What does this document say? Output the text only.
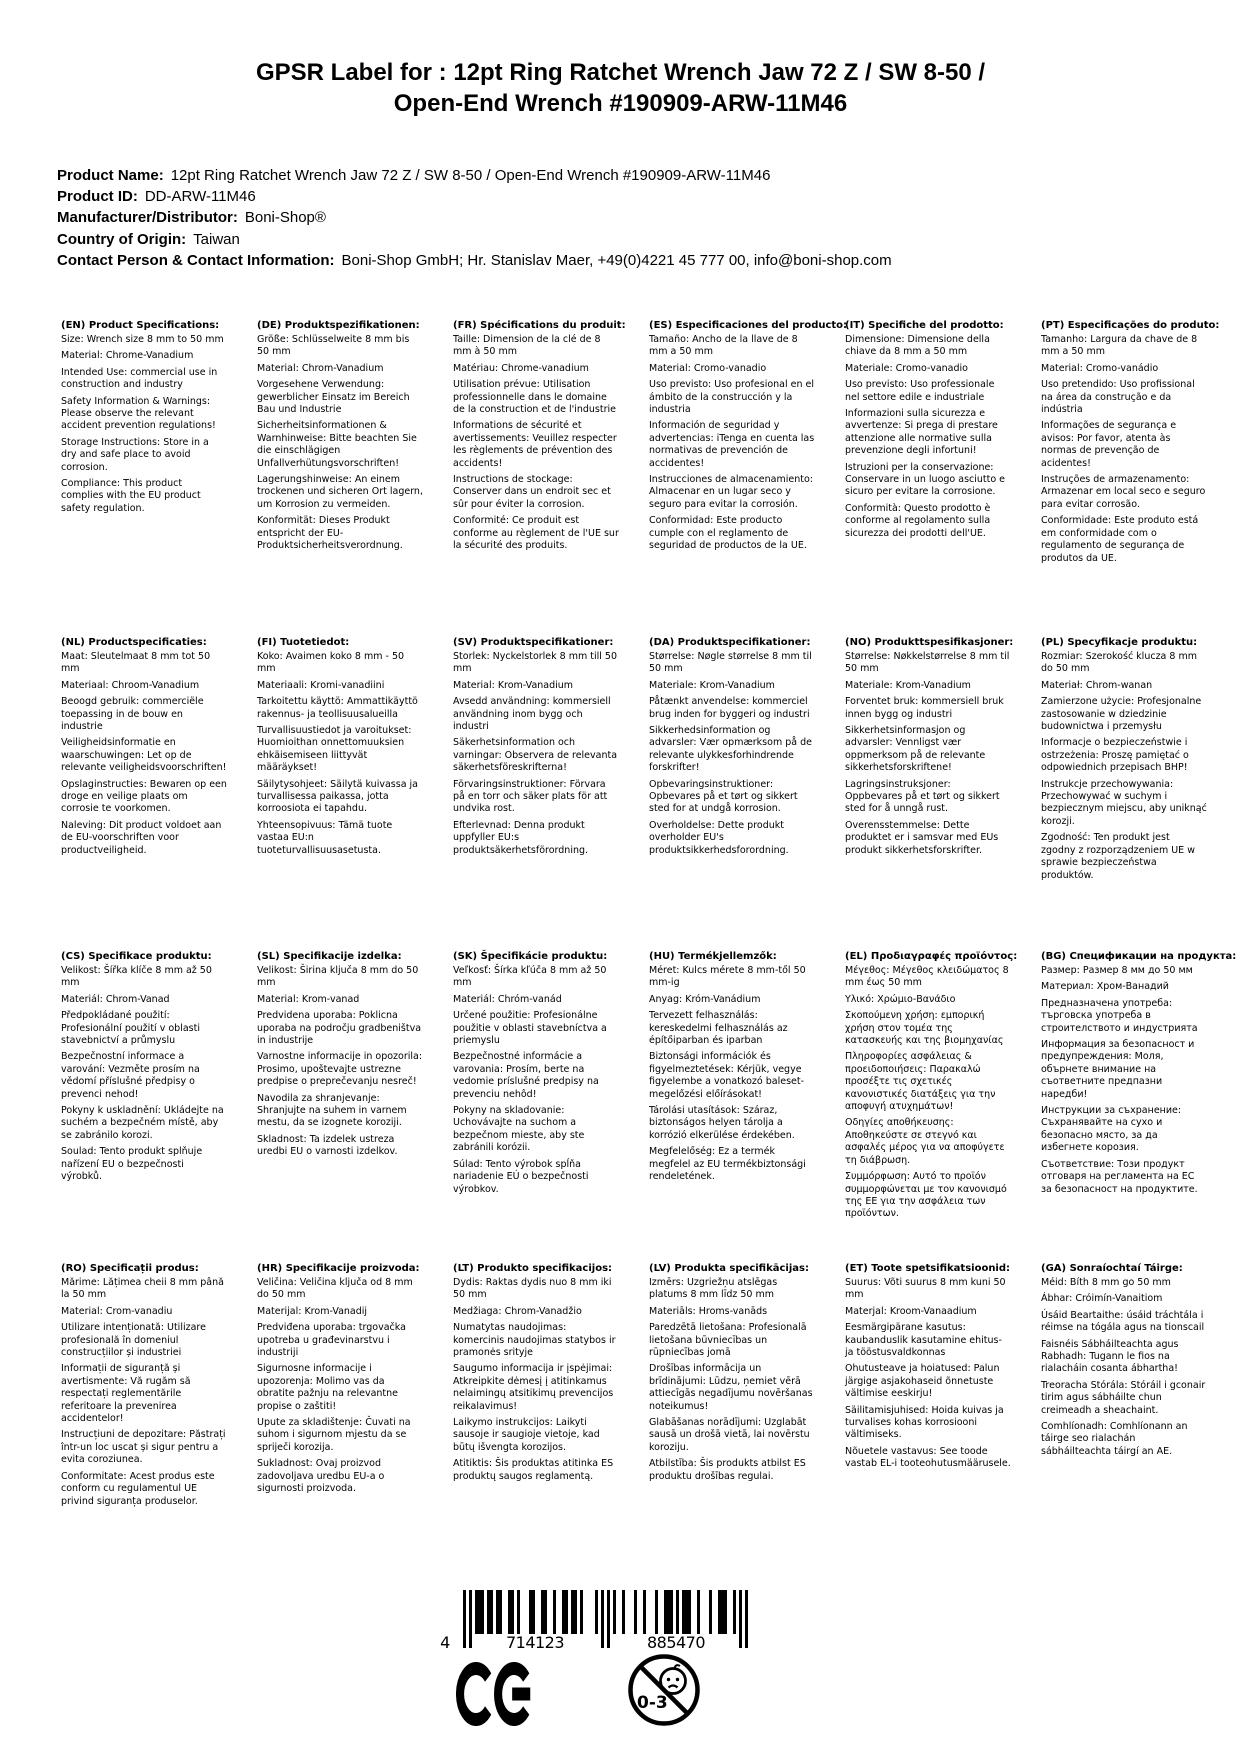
GPSR Label for : 12pt Ring Ratchet Wrench Jaw 72 Z / SW 8-50 /
Open-End Wrench #190909-ARW-11M46
Product Name: 12pt Ring Ratchet Wrench Jaw 72 Z / SW 8-50 / Open-End Wrench #190909-ARW-11M46
Product ID: DD-ARW-11M46
Manufacturer/Distributor: Boni-Shop®
Country of Origin: Taiwan
Contact Person & Contact Information: Boni-Shop GmbH; Hr. Stanislav Maer, +49(0)4221 45 777 00, info@boni-shop.com
(EN) Product Specifications:

Size: Wrench size 8 mm to 50 mm

Material: Chrome-Vanadium

Intended Use: commercial use in construction and industry

Safety Information & Warnings: Please observe the relevant accident prevention regulations!

Storage Instructions: Store in a dry and safe place to avoid corrosion.

Compliance: This product complies with the EU product safety regulation.

(DE) Produktspezifikationen:

Größe: Schlüsselweite 8 mm bis 50 mm

Material: Chrom-Vanadium

Vorgesehene Verwendung: gewerblicher Einsatz im Bereich Bau und Industrie

Sicherheitsinformationen & Warnhinweise: Bitte beachten Sie die einschlägigen Unfallverhütungsvorschriften!

Lagerungshinweise: An einem trockenen und sicheren Ort lagern, um Korrosion zu vermeiden.

Konformität: Dieses Produkt entspricht der EU-Produktsicherheitsverordnung.

(FR) Spécifications du produit:

Taille: Dimension de la clé de 8 mm à 50 mm

Matériau: Chrome-vanadium

Utilisation prévue: Utilisation professionnelle dans le domaine de la construction et de l'industrie

Informations de sécurité et avertissements: Veuillez respecter les règlements de prévention des accidents!

Instructions de stockage: Conserver dans un endroit sec et sûr pour éviter la corrosion.

Conformité: Ce produit est conforme au règlement de l'UE sur la sécurité des produits.

(ES) Especificaciones del producto:

Tamaño: Ancho de la llave de 8 mm a 50 mm

Material: Cromo-vanadio

Uso previsto: Uso profesional en el ámbito de la construcción y la industria

Información de seguridad y advertencias: iTenga en cuenta las normativas de prevención de accidentes!

Instrucciones de almacenamiento: Almacenar en un lugar seco y seguro para evitar la corrosión.

Conformidad: Este producto cumple con el reglamento de seguridad de productos de la UE.

(IT) Specifiche del prodotto:

Dimensione: Dimensione della chiave da 8 mm a 50 mm

Materiale: Cromo-vanadio

Uso previsto: Uso professionale nel settore edile e industriale

Informazioni sulla sicurezza e avvertenze: Si prega di prestare attenzione alle normative sulla prevenzione degli infortuni!

Istruzioni per la conservazione: Conservare in un luogo asciutto e sicuro per evitare la corrosione.

Conformità: Questo prodotto è conforme al regolamento sulla sicurezza dei prodotti dell'UE.

(PT) Especificações do produto:

Tamanho: Largura da chave de 8 mm a 50 mm

Material: Cromo-vanádio

Uso pretendido: Uso profissional na área da construção e da indústria

Informações de segurança e avisos: Por favor, atenta às normas de prevenção de acidentes!

Instruções de armazenamento: Armazenar em local seco e seguro para evitar corrosão.

Conformidade: Este produto está em conformidade com o regulamento de segurança de produtos da UE.

(NL) Productspecificaties:

Maat: Sleutelmaat 8 mm tot 50 mm

Materiaal: Chroom-Vanadium

Beoogd gebruik: commerciële toepassing in de bouw en industrie

Veiligheidsinformatie en waarschuwingen: Let op de relevante veiligheidsvoorschriften!

Opslaginstructies: Bewaren op een droge en veilige plaats om corrosie te voorkomen.

Naleving: Dit product voldoet aan de EU-voorschriften voor productveiligheid.

(FI) Tuotetiedot:

Koko: Avaimen koko 8 mm - 50 mm

Materiaali: Kromi-vanadiini

Tarkoitettu käyttö: Ammattikäyttö rakennus- ja teollisuusalueilla

Turvallisuustiedot ja varoitukset: Huomioithan onnettomuuksien ehkäisemiseen liittyvät määräykset!

Säilytysohjeet: Säilytä kuivassa ja turvallisessa paikassa, jotta korroosiota ei tapahdu.

Yhteensopivuus: Tämä tuote vastaa EU:n tuoteturvallisuusasetusta.

(SV) Produktspecifikationer:

Storlek: Nyckelstorlek 8 mm till 50 mm

Material: Krom-Vanadium

Avsedd användning: kommersiell användning inom bygg och industri

Säkerhetsinformation och varningar: Observera de relevanta säkerhetsföreskrifterna!

Förvaringsinstruktioner: Förvara på en torr och säker plats för att undvika rost.

Efterlevnad: Denna produkt uppfyller EU:s produktsäkerhetsförordning.

(DA) Produktspecifikationer:

Størrelse: Nøgle størrelse 8 mm til 50 mm

Materiale: Krom-Vanadium

Påtænkt anvendelse: kommerciel brug inden for byggeri og industri

Sikkerhedsinformation og advarsler: Vær opmærksom på de relevante ulykkesforhindrende forskrifter!

Opbevaringsinstruktioner: Opbevares på et tørt og sikkert sted for at undgå korrosion.

Overholdelse: Dette produkt overholder EU's produktsikkerhedsforordning.

(NO) Produkttspesifikasjoner:

Størrelse: Nøkkelstørrelse 8 mm til 50 mm

Materiale: Krom-Vanadium

Forventet bruk: kommersiell bruk innen bygg og industri

Sikkerhetsinformasjon og advarsler: Vennligst vær oppmerksom på de relevante sikkerhetsforskriftene!

Lagringsinstruksjoner: Oppbevares på et tørt og sikkert sted for å unngå rust.

Overensstemmelse: Dette produktet er i samsvar med EUs produkt sikkerhetsforskrifter.

(PL) Specyfikacje produktu:

Rozmiar: Szerokość klucza 8 mm do 50 mm

Materiał: Chrom-wanan

Zamierzone użycie: Profesjonalne zastosowanie w dziedzinie budownictwa i przemysłu

Informacje o bezpieczeństwie i ostrzeżenia: Proszę pamiętać o odpowiednich przepisach BHP!

Instrukcje przechowywania: Przechowywać w suchym i bezpiecznym miejscu, aby uniknąć korozji.

Zgodność: Ten produkt jest zgodny z rozporządzeniem UE w sprawie bezpieczeństwa produktów.

(CS) Specifikace produktu:

Velikost: Šířka klíče 8 mm až 50 mm

Materiál: Chrom-Vanad

Předpokládané použití: Profesionální použití v oblasti stavebnictví a průmyslu

Bezpečnostní informace a varování: Vezměte prosím na vědomí příslušné předpisy o prevenci nehod!

Pokyny k uskladnění: Ukládejte na suchém a bezpečném místě, aby se zabránilo korozi.

Soulad: Tento produkt splňuje nařízení EU o bezpečnosti výrobků.

(SL) Specifikacije izdelka:

Velikost: Širina ključa 8 mm do 50 mm

Material: Krom-vanad

Predvidena uporaba: Poklicna uporaba na področju gradbeništva in industrije

Varnostne informacije in opozorila: Prosimo, upoštevajte ustrezne predpise o preprečevanju nesreč!

Navodila za shranjevanje: Shranjujte na suhem in varnem mestu, da se izognete koroziji.

Skladnost: Ta izdelek ustreza uredbi EU o varnosti izdelkov.

(SK) Špecifikácie produktu:

Veľkosť: Šírka kľúča 8 mm až 50 mm

Materiál: Chróm-vanád

Určené použitie: Profesionálne použitie v oblasti stavebníctva a priemyslu

Bezpečnostné informácie a varovania: Prosím, berte na vedomie príslušné predpisy na prevenciu nehôd!

Pokyny na skladovanie: Uchovávajte na suchom a bezpečnom mieste, aby ste zabránili korózii.

Súlad: Tento výrobok spĺňa nariadenie EÚ o bezpečnosti výrobkov.

(HU) Termékjellemzők:

Méret: Kulcs mérete 8 mm-től 50 mm-ig

Anyag: Króm-Vanádium

Tervezett felhasználás: kereskedelmi felhasználás az építőiparban és iparban

Biztonsági információk és figyelmeztetések: Kérjük, vegye figyelembe a vonatkozó baleset-megelőzési előírásokat!

Tárolási utasítások: Száraz, biztonságos helyen tárolja a korrózió elkerülése érdekében.

Megfelelőség: Ez a termék megfelel az EU termékbiztonsági rendeletének.

(EL) Προδιαγραφές προϊόντος:

Μέγεθος: Μέγεθος κλειδώματος 8 mm έως 50 mm

Υλικό: Χρώμιο-Βανάδιο

Σκοπούμενη χρήση: εμπορική χρήση στον τομέα της κατασκευής και της βιομηχανίας

Πληροφορίες ασφάλειας & προειδοποιήσεις: Παρακαλώ προσέξτε τις σχετικές κανονιστικές διατάξεις για την αποφυγή ατυχημάτων!

Οδηγίες αποθήκευσης: Αποθηκεύστε σε στεγνό και ασφαλές μέρος για να αποφύγετε τη διάβρωση.

Συμμόρφωση: Αυτό το προϊόν συμμορφώνεται με τον κανονισμό της ΕΕ για την ασφάλεια των προϊόντων.

(BG) Спецификации на продукта:

Размер: Размер 8 мм до 50 мм

Материал: Хром-Ванадий

Предназначена употреба: търговска употреба в строителството и индустрията

Информация за безопасност и предупреждения: Моля, обърнете внимание на съответните предпазни наредби!

Инструкции за съхранение: Съхранявайте на сухо и безопасно място, за да избегнете корозия.

Съответствие: Този продукт отговаря на регламента на ЕС за безопасност на продуктите.

(RO) Specificații produs:

Mărime: Lățimea cheii 8 mm până la 50 mm

Material: Crom-vanadiu

Utilizare intenționată: Utilizare profesională în domeniul construcțiilor și industriei

Informații de siguranță și avertismente: Vă rugăm să respectați reglementările referitoare la prevenirea accidentelor!

Instrucțiuni de depozitare: Păstrați într-un loc uscat și sigur pentru a evita coroziunea.

Conformitate: Acest produs este conform cu regulamentul UE privind siguranța produselor.

(HR) Specifikacije proizvoda:

Veličina: Veličina ključa od 8 mm do 50 mm

Materijal: Krom-Vanadij

Predviđena uporaba: trgovačka upotreba u građevinarstvu i industriji

Sigurnosne informacije i upozorenja: Molimo vas da obratite pažnju na relevantne propise o zaštiti!

Upute za skladištenje: Čuvati na suhom i sigurnom mjestu da se spriječi korozija.

Sukladnost: Ovaj proizvod zadovoljava uredbu EU-a o sigurnosti proizvoda.

(LT) Produkto specifikacijos:

Dydis: Raktas dydis nuo 8 mm iki 50 mm

Medžiaga: Chrom-Vanadžio

Numatytas naudojimas: komercinis naudojimas statybos ir pramonės srityje

Saugumo informacija ir įspėjimai: Atkreipkite dėmesį į atitinkamus nelaimingų atsitikimų prevencijos reikalavimus!

Laikymo instrukcijos: Laikyti sausoje ir saugioje vietoje, kad būtų išvengta korozijos.

Atitiktis: Šis produktas atitinka ES produktų saugos reglamentą.

(LV) Produkta specifikācijas:

Izmērs: Uzgriežņu atslēgas platums 8 mm līdz 50 mm

Materiāls: Hroms-vanāds

Paredzētā lietošana: Profesionalā lietošana būvniecības un rūpniecības jomā

Drošības informācija un brīdinājumi: Lūdzu, ņemiet vērā attiecīgās negadījumu novēršanas noteikumus!

Glabāšanas norādījumi: Uzglabāt sausā un drošā vietā, lai novērstu koroziju.

Atbilstība: Šis produkts atbilst ES produktu drošības regulai.

(ET) Toote spetsifikatsioonid:

Suurus: Võti suurus 8 mm kuni 50 mm

Materjal: Kroom-Vanaadium

Eesmärgipärane kasutus: kaubanduslik kasutamine ehitus- ja tööstusvaldkonnas

Ohutusteave ja hoiatused: Palun järgige asjakohaseid õnnetuste vältimise eeskirju!

Säilitamisjuhised: Hoida kuivas ja turvalises kohas korrosiooni vältimiseks.

Nõuetele vastavus: See toode vastab EL-i tooteohutusmäärusele.

(GA) Sonraíochtaí Táirge:

Méid: Bíth 8 mm go 50 mm

Ábhar: Cróimín-Vanaitiom

Úsáid Beartaithe: úsáid tráchtála i réimse na tógála agus na tionscail

Faisnéis Sábháilteachta agus Rabhadh: Tugann le fios na rialacháin cosanta ábhartha!

Treoracha Stórála: Stóráil i gconair tirim agus sábháilte chun creimeadh a sheachaint.

Comhlíonadh: Comhlíonann an táirge seo rialachán sábháilteachta táirgí an AE.

4	714123	885470
0-3
